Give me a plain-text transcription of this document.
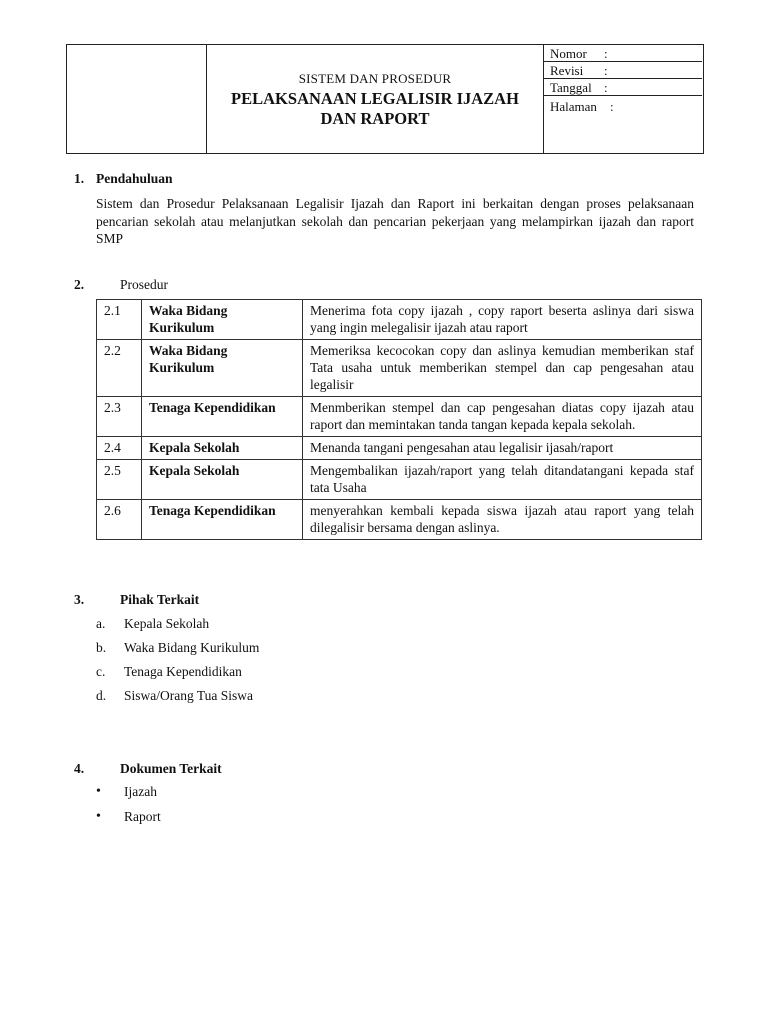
SISTEM DAN PROSEDUR
PELAKSANAAN LEGALISIR IJAZAH
DAN RAPORT
Nomor :
Revisi :
Tanggal :
Halaman :
1. Pendahuluan
Sistem dan Prosedur Pelaksanaan Legalisir Ijazah dan Raport ini berkaitan dengan proses pelaksanaan pencarian sekolah atau melanjutkan sekolah dan pencarian pekerjaan yang melampirkan ijazah dan raport SMP
2.	Prosedur
2.1	Waka Bidang Kurikulum	Menerima fota copy ijazah , copy raport beserta aslinya dari siswa yang ingin melegalisir ijazah atau raport
2.2	Waka Bidang Kurikulum	Memeriksa kecocokan copy dan aslinya kemudian memberikan staf Tata usaha untuk memberikan stempel dan cap pengesahan atau legalisir
2.3	Tenaga Kependidikan	Menmberikan stempel dan cap pengesahan diatas copy ijazah atau raport dan memintakan tanda tangan kepada kepala sekolah.
2.4	Kepala Sekolah	Menanda tangani pengesahan atau legalisir ijasah/raport
2.5	Kepala Sekolah	Mengembalikan ijazah/raport yang telah ditandatangani kepada staf tata Usaha
2.6	Tenaga Kependidikan	menyerahkan kembali kepada siswa ijazah atau raport yang telah dilegalisir bersama dengan aslinya.
3.	Pihak Terkait
a. Kepala Sekolah
b. Waka Bidang Kurikulum
c. Tenaga Kependidikan
d. Siswa/Orang Tua Siswa
4.	Dokumen Terkait
• Ijazah
• Raport
